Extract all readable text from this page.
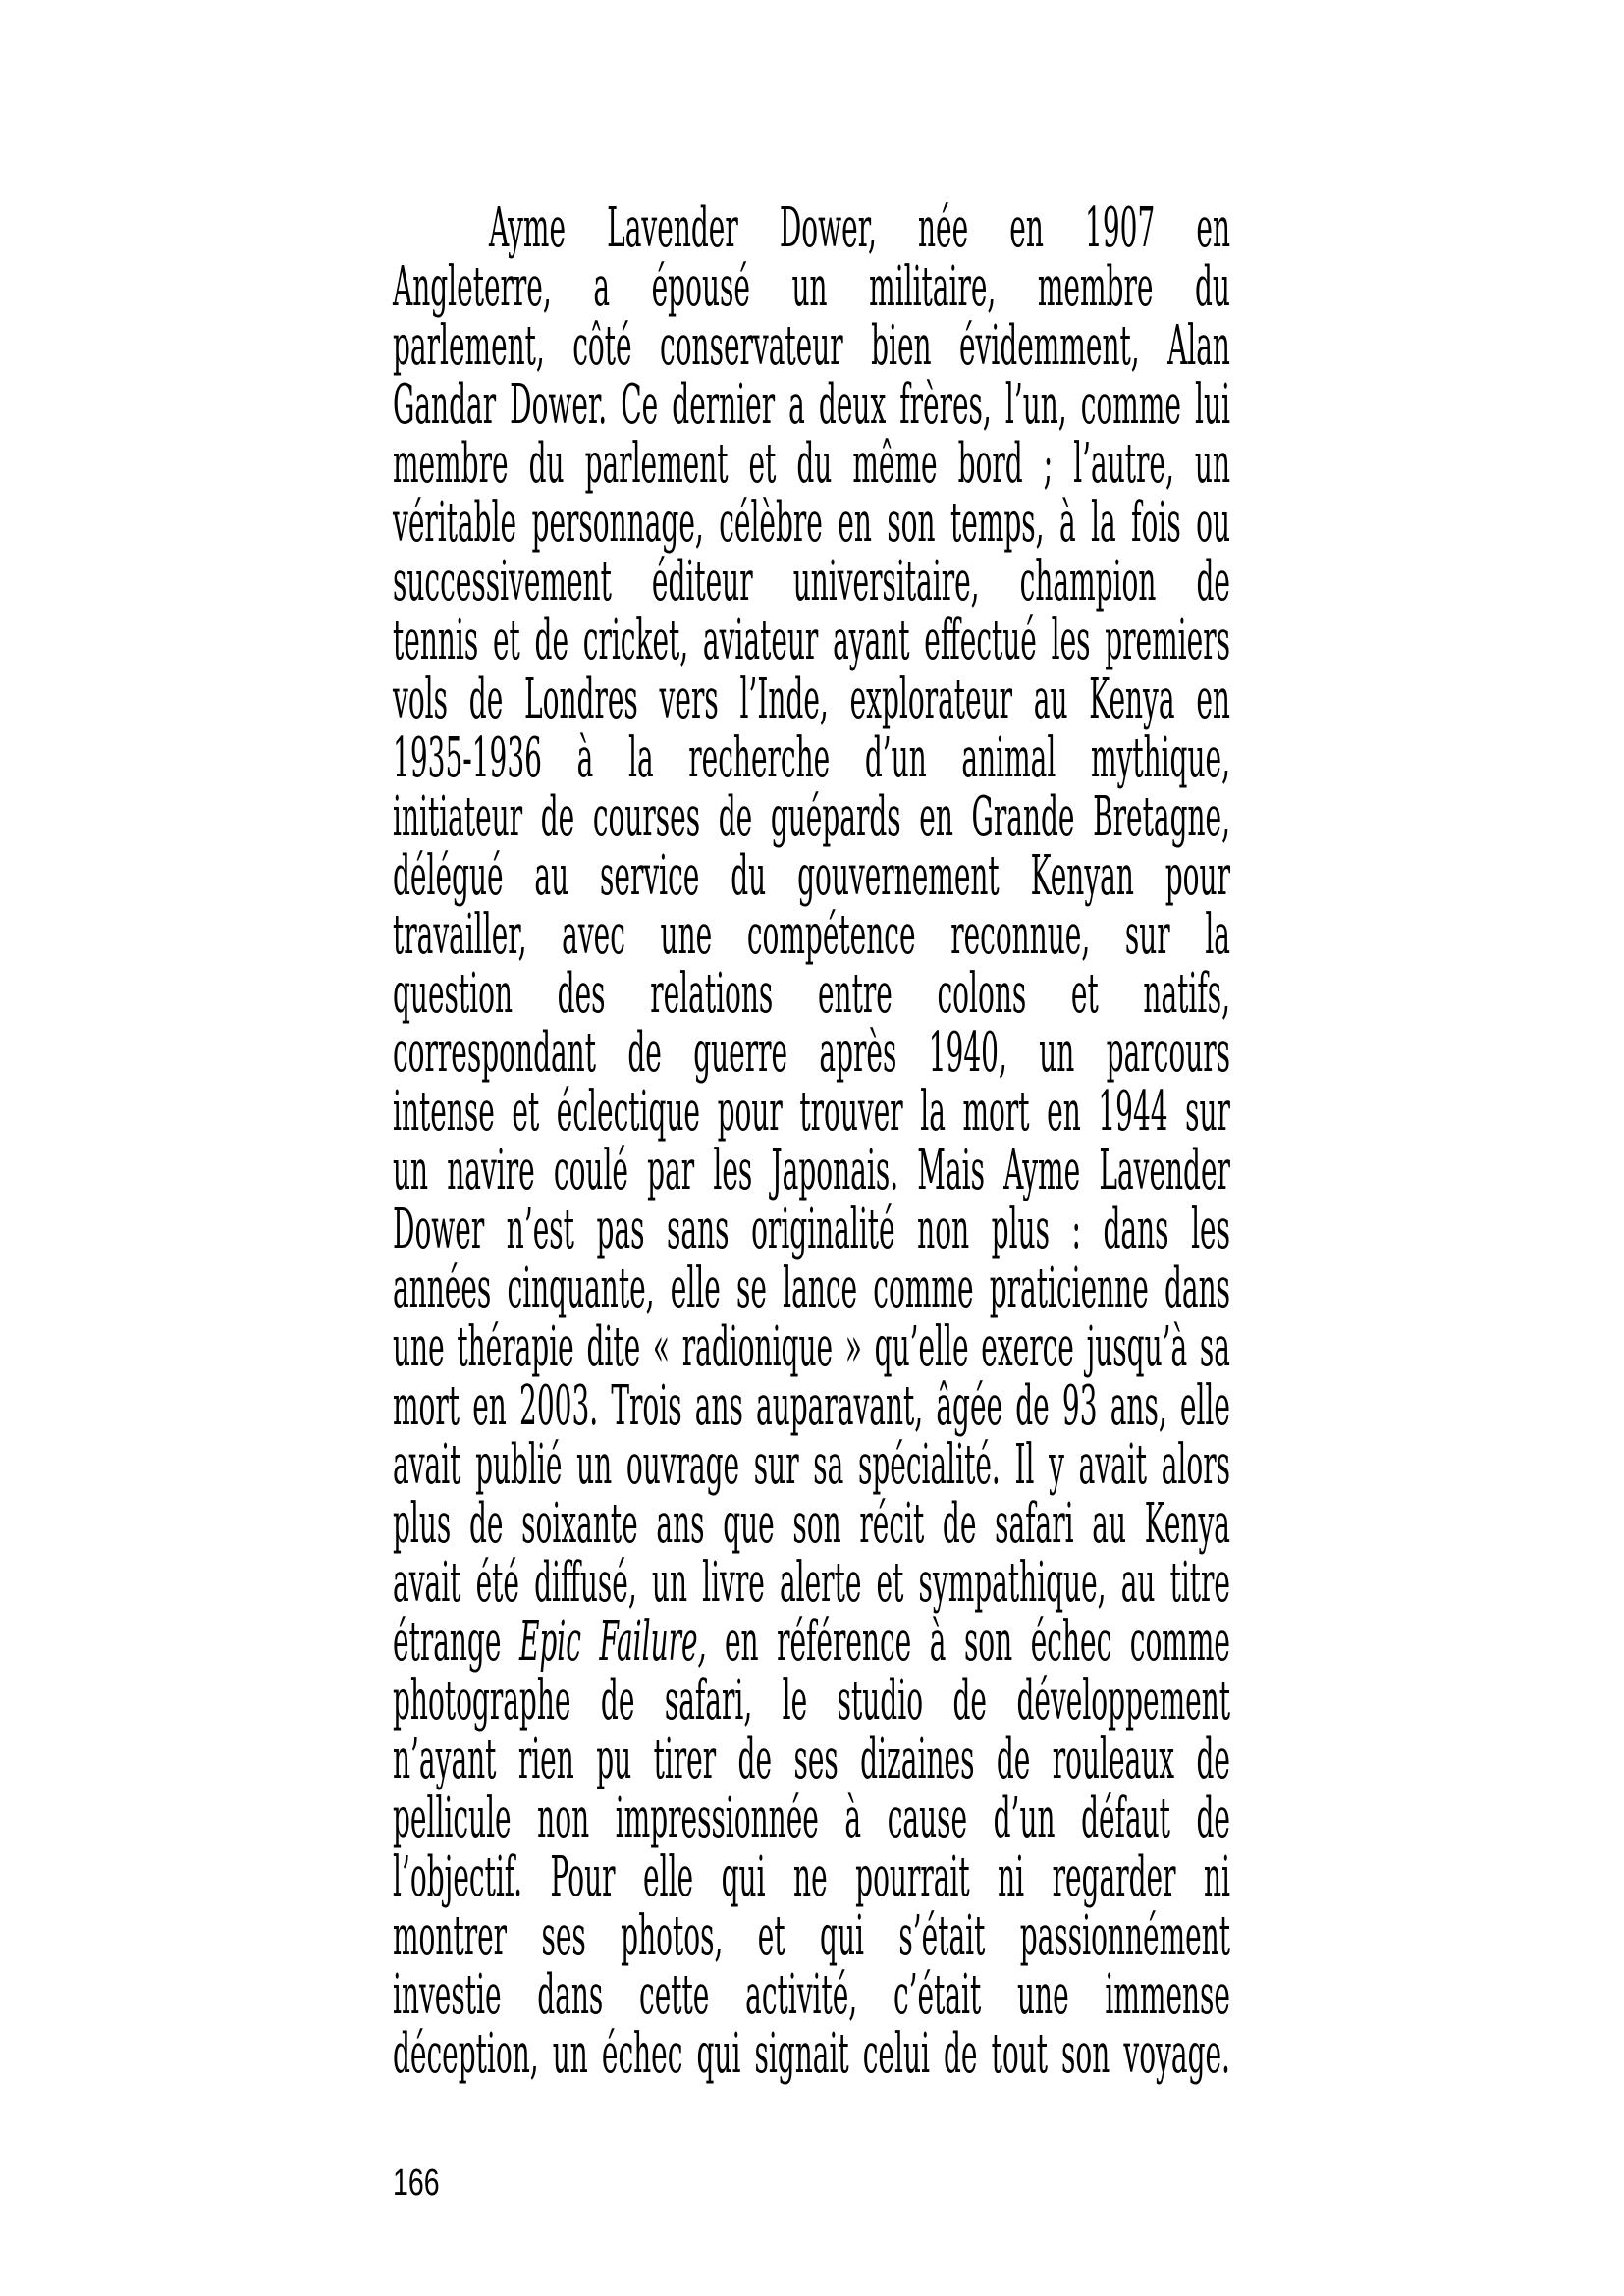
Ayme Lavender Dower, née en 1907 en
Angleterre, a épousé un militaire, membre du
parlement, côté conservateur bien évidemment, Alan
Gandar Dower. Ce dernier a deux frères, l’un, comme lui
membre du parlement et du même bord ; l’autre, un
véritable personnage, célèbre en son temps, à la fois ou
successivement éditeur universitaire, champion de
tennis et de cricket, aviateur ayant effectué les premiers
vols de Londres vers l’Inde, explorateur au Kenya en
1935-1936 à la recherche d’un animal mythique,
initiateur de courses de guépards en Grande Bretagne,
délégué au service du gouvernement Kenyan pour
travailler, avec une compétence reconnue, sur la
question des relations entre colons et natifs,
correspondant de guerre après 1940, un parcours
intense et éclectique pour trouver la mort en 1944 sur
un navire coulé par les Japonais. Mais Ayme Lavender
Dower n’est pas sans originalité non plus : dans les
années cinquante, elle se lance comme praticienne dans
une thérapie dite « radionique » qu’elle exerce jusqu’à sa
mort en 2003. Trois ans auparavant, âgée de 93 ans, elle
avait publié un ouvrage sur sa spécialité. Il y avait alors
plus de soixante ans que son récit de safari au Kenya
avait été diffusé, un livre alerte et sympathique, au titre
étrange Epic Failure, en référence à son échec comme
photographe de safari, le studio de développement
n’ayant rien pu tirer de ses dizaines de rouleaux de
pellicule non impressionnée à cause d’un défaut de
l’objectif. Pour elle qui ne pourrait ni regarder ni
montrer ses photos, et qui s’était passionnément
investie dans cette activité, c’était une immense
déception, un échec qui signait celui de tout son voyage.
166
